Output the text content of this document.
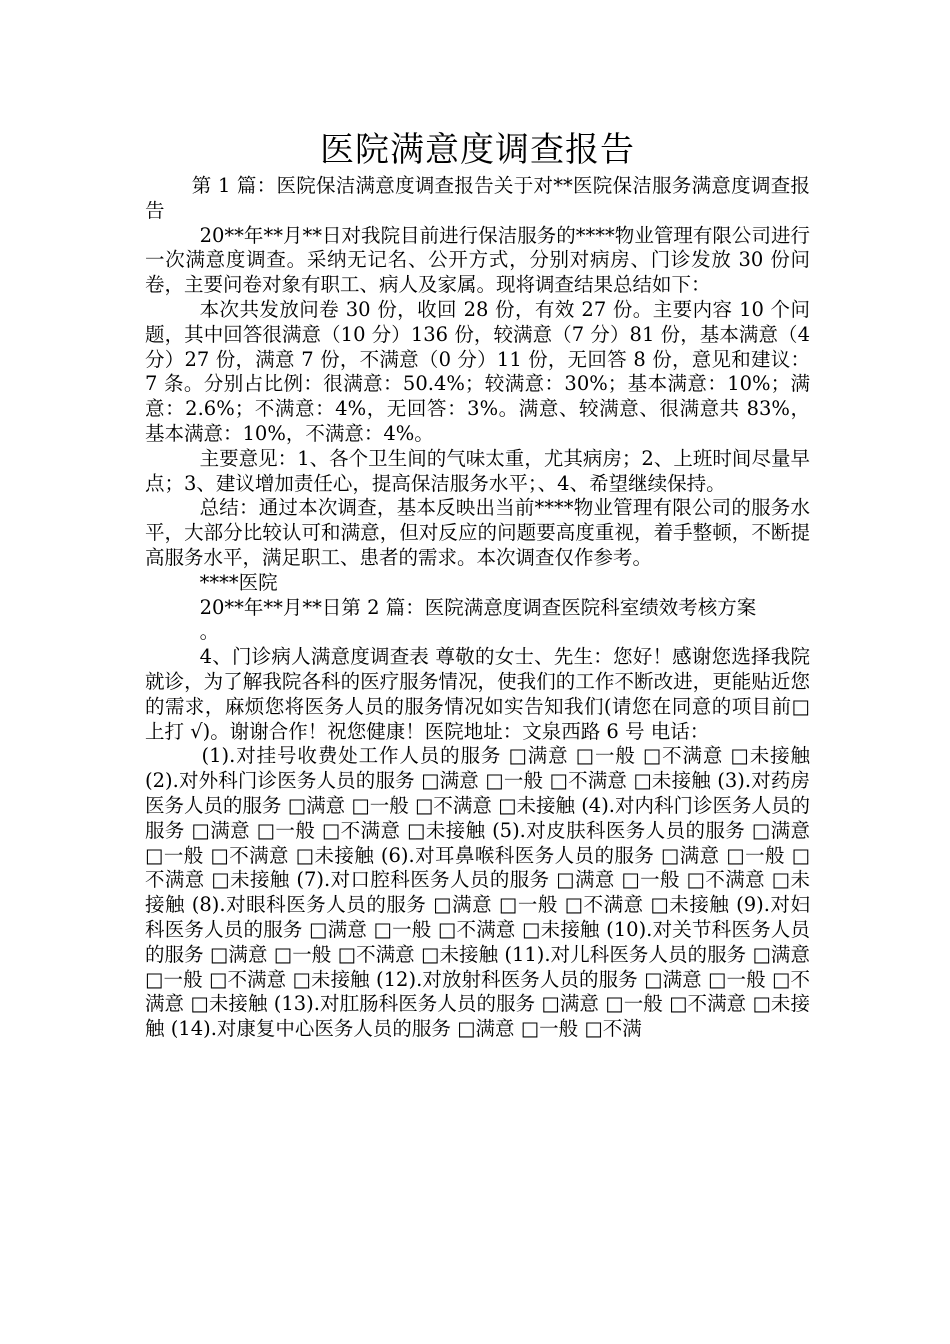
医院满意度调查报告

第 1 篇：医院保洁满意度调查报告关于对**医院保洁服务满意度调查报告

20**年**月**日对我院目前进行保洁服务的****物业管理有限公司进行一次满意度调查。采纳无记名、公开方式，分别对病房、门诊发放 30 份问卷，主要问卷对象有职工、病人及家属。现将调查结果总结如下：

本次共发放问卷 30 份，收回 28 份，有效 27 份。主要内容 10 个问题，其中回答很满意（10 分）136 份，较满意（7 分）81 份，基本满意（4 分）27 份，满意 7 份，不满意（0 分）11 份，无回答 8 份，意见和建议：7 条。分别占比例：很满意：50.4%；较满意：30%；基本满意：10%；满意：2.6%；不满意：4%，无回答：3%。满意、较满意、很满意共 83%，基本满意：10%，不满意：4%。

主要意见：1、各个卫生间的气味太重，尤其病房；2、上班时间尽量早点；3、建议增加责任心，提高保洁服务水平；、4、希望继续保持。

总结：通过本次调查，基本反映出当前****物业管理有限公司的服务水平，大部分比较认可和满意，但对反应的问题要高度重视，着手整顿，不断提高服务水平，满足职工、患者的需求。本次调查仅作参考。

****医院

20**年**月**日第 2 篇：医院满意度调查医院科室绩效考核方案

。

4、门诊病人满意度调查表 尊敬的女士、先生：您好！感谢您选择我院就诊，为了解我院各科的医疗服务情况，使我们的工作不断改进，更能贴近您的需求，麻烦您将医务人员的服务情况如实告知我们(请您在同意的项目前□上打 √)。谢谢合作！祝您健康！医院地址：文泉西路 6 号 电话：

(1).对挂号收费处工作人员的服务 □满意 □一般 □不满意 □未接触 (2).对外科门诊医务人员的服务 □满意 □一般 □不满意 □未接触 (3).对药房医务人员的服务 □满意 □一般 □不满意 □未接触 (4).对内科门诊医务人员的服务 □满意 □一般 □不满意 □未接触 (5).对皮肤科医务人员的服务 □满意 □一般 □不满意 □未接触 (6).对耳鼻喉科医务人员的服务 □满意 □一般 □不满意 □未接触 (7).对口腔科医务人员的服务 □满意 □一般 □不满意 □未接触 (8).对眼科医务人员的服务 □满意 □一般 □不满意 □未接触 (9).对妇科医务人员的服务 □满意 □一般 □不满意 □未接触 (10).对关节科医务人员的服务 □满意 □一般 □不满意 □未接触 (11).对儿科医务人员的服务 □满意 □一般 □不满意 □未接触 (12).对放射科医务人员的服务 □满意 □一般 □不满意 □未接触 (13).对肛肠科医务人员的服务 □满意 □一般 □不满意 □未接触 (14).对康复中心医务人员的服务 □满意 □一般 □不满
